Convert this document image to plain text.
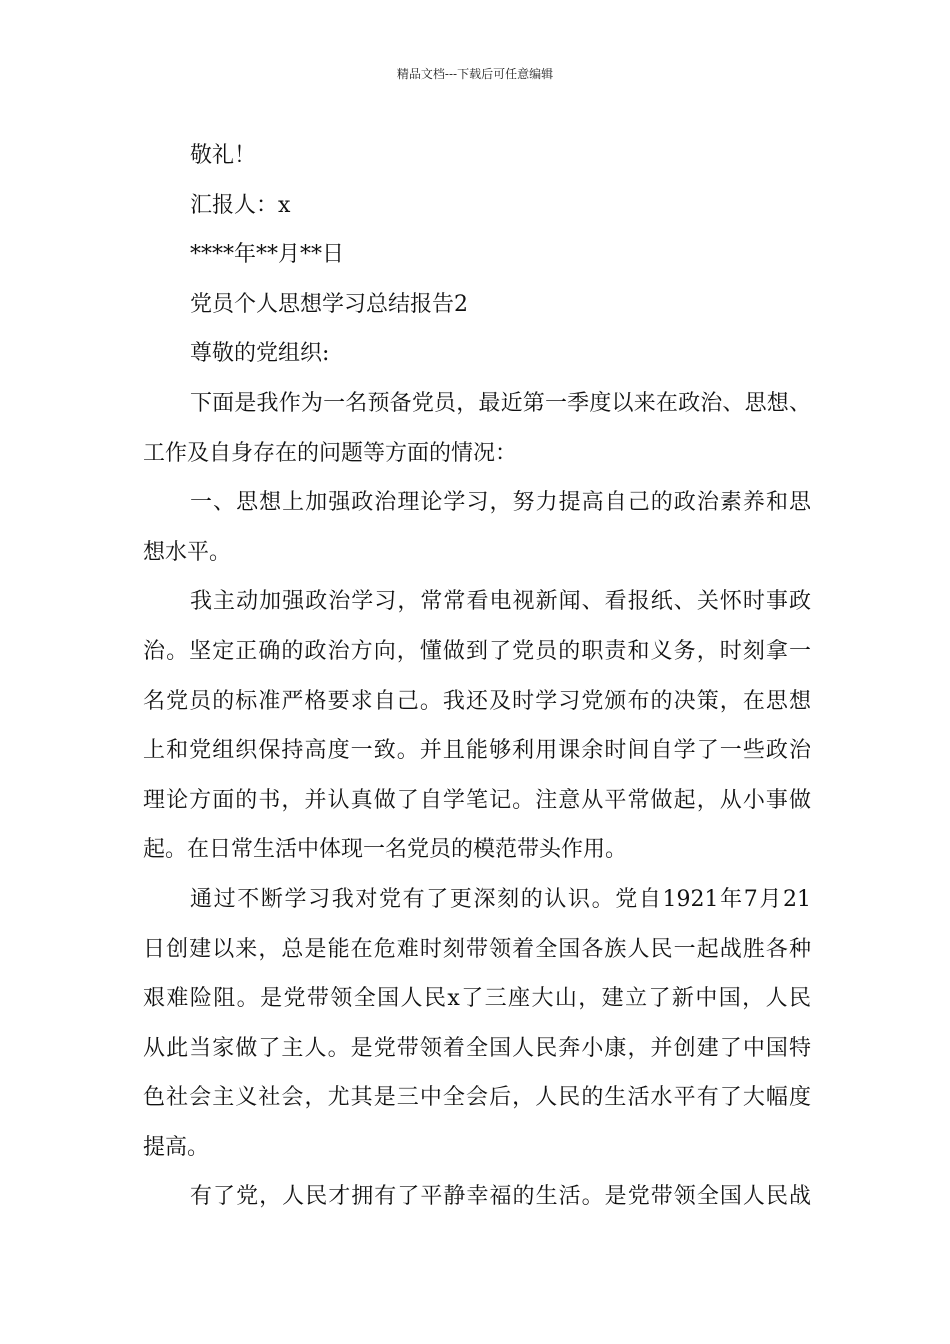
精品文档---下载后可任意编辑
敬礼！
汇报人：x
****年**月**日
党员个人思想学习总结报告2
尊敬的党组织:
下面是我作为一名预备党员，最近第一季度以来在政治、思想、
工作及自身存在的问题等方面的情况：
一、思想上加强政治理论学习，努力提高自己的政治素养和思
想水平。
我主动加强政治学习，常常看电视新闻、看报纸、关怀时事政
治。坚定正确的政治方向，懂做到了党员的职责和义务，时刻拿一
名党员的标准严格要求自己。我还及时学习党颁布的决策，在思想
上和党组织保持高度一致。并且能够利用课余时间自学了一些政治
理论方面的书，并认真做了自学笔记。注意从平常做起，从小事做
起。在日常生活中体现一名党员的模范带头作用。
通过不断学习我对党有了更深刻的认识。党自1921年7月21
日创建以来，总是能在危难时刻带领着全国各族人民一起战胜各种
艰难险阻。是党带领全国人民x了三座大山，建立了新中国，人民
从此当家做了主人。是党带领着全国人民奔小康，并创建了中国特
色社会主义社会，尤其是三中全会后，人民的生活水平有了大幅度
提高。
有了党，人民才拥有了平静幸福的生活。是党带领全国人民战
